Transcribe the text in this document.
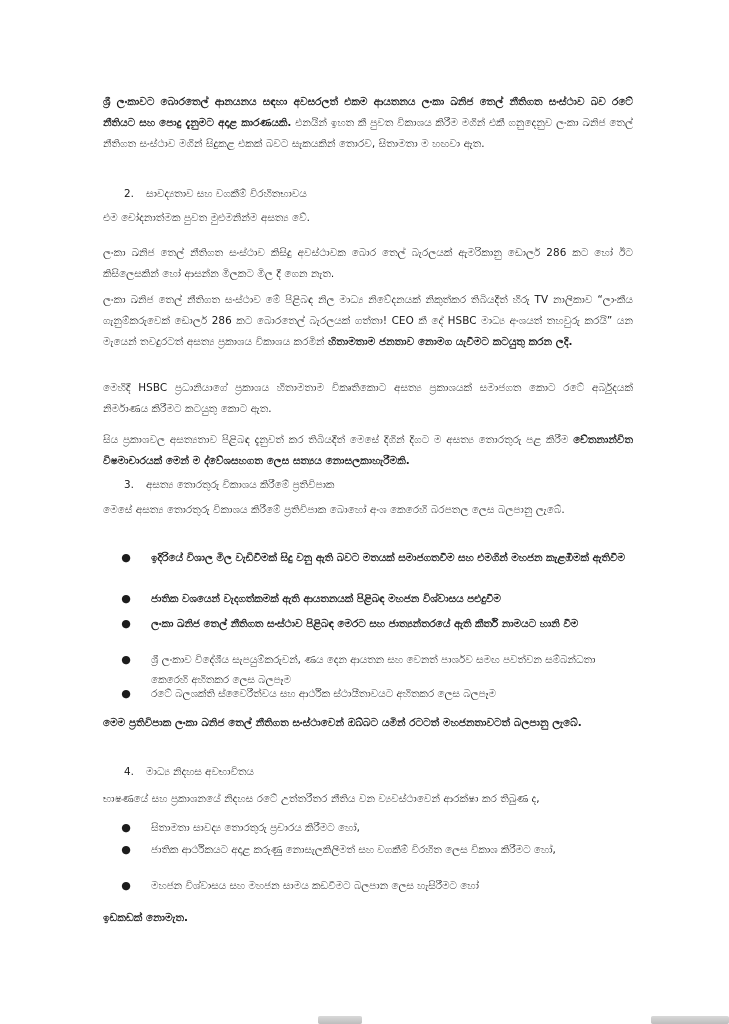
ශ්‍රී ලංකාවට බොරතෙල් ආනයනය සඳහා අවසරලත් එකම ආයතනය ලංකා ඛනිජ තෙල් නීතිගත සංස්ථාව බව රටේ නීතියට සහ පොදු දැනුමට අදාළ කාරණයකි. එනයින් ඉහත කී පුවත විකාශය කිරීම මගින් එකී ගනුදෙනුව ලංකා ඛනිජ තෙල් නීතිගත සංස්ථාව මගින් සිදුකළ එකක් බවට සැකයකින් තොරව, සිතාමතා ම හඟවා ඇත.
2. සාවද්‍යතාව සහ වගකීම් විරහිතභාවය
එම චෝදනාත්මක පුවත මුළුමනින්ම අසත්‍ය වේ.
ලංකා ඛනිජ තෙල් නීතිගත සංස්ථාව කිසිදු අවස්ථාවක බොර තෙල් බැරලයක් ඇමරිකානු ඩොලර් 286 කට හෝ ඊට කිසිලෙසකින් හෝ ආසන්න මිලකට මිල දී ගෙන නැත.
ලංකා ඛනිජ තෙල් නීතිගත සංස්ථාව මේ පිළිබඳ නිල මාධ්‍ය නිවේදනයක් නිකුත්කර තිබියදීත් හිරු TV නාලිකාව “ලාංකීය ගැනුම්කරුවෙක් ඩොලර් 286 කට බොරතෙල් බැරලයක් ගත්තා! CEO කී දේ HSBC මාධ්‍ය අංශයත් තහවුරු කරයි” යන මැයෙන් තවදුරටත් අසත්‍ය ප්‍රකාශය විකාශය කරමින් හිතාමතාම ජනතාව නොමග යැවීමට කටයුතු කරන ලදි.
මෙහිදී HSBC ප්‍රධානියාගේ ප්‍රකාශය හිතාමතාම විකෘතිකොට අසත්‍ය ප්‍රකාශයක් සමාජගත කොට රටේ අර්බුදයක් නිර්මාණය කිරීමට කටයුතු කොට ඇත.
සිය ප්‍රකාශවල අසත්‍යතාව පිළිබඳ දැනුවත් කර තිබියදීත් මෙසේ දිගින් දිගට ම අසත්‍ය තොරතුරු පළ කිරීම චේතනාන්විත විෂමාචාරයක් මෙන් ම ද්වේශසහගත ලෙස සත්‍යය නොසලකාහැරීමකි.
3. අසත්‍ය තොරතුරු විකාශය කිරීමේ ප්‍රතිවිපාක
මෙසේ අසත්‍ය තොරතුරු විකාශය කිරීමේ ප්‍රතිවිපාක බොහෝ අංශ කෙරෙහි බරපතල ලෙස බලපානු ලැබේ.
● ඉදිරියේ විශාල මිල වැඩිවීමක් සිදු වනු ඇති බවට මතයක් සමාජගතවීම සහ එමගින් මහජන කැළඹීමක් ඇතිවීම
● ජාතික වශයෙන් වැදගත්කමක් ඇති ආයතනයක් පිළිබඳ මහජන විශ්වාසය පළුදුවීම
● ලංකා ඛනිජ තෙල් නීතිගත සංස්ථාව පිළිබඳ මෙරට සහ ජාත්‍යන්තරයේ ඇති කීර්ති නාමයට හානි වීම
● ශ්‍රී ලංකාව විදේශීය සැපයුම්කරුවන්, ණය දෙන ආයතන සහ වෙනත් පාර්ශව සමඟ පවත්වන සම්බන්ධතා කෙරෙහි අහිතකර ලෙස බලපෑම
● රටේ බලශක්ති ස්වෛරීත්වය සහ ආර්ථික ස්ථායීතාවයට අහිතකර ලෙස බලපෑම
මෙම ප්‍රතිවිපාක ලංකා ඛනිජ තෙල් නීතිගත සංස්ථාවෙන් ඔබ්බට යමින් රටටත් මහජනතාවටත් බලපානු ලැබේ.
4. මාධ්‍ය නිදහස අවභාවිතය
භාෂණයේ සහ ප්‍රකාශනයේ නිදහස රටේ උත්තරීතර නීතිය වන ව්‍යවස්ථාවෙන් ආරක්ෂා කර තිබුණ ද,
● සිතාමතා සාවද්‍ය තොරතුරු ප්‍රචාරය කිරීමට හෝ,
● ජාතික ආර්ථිකයට අදාළ කරුණු නොසැලකිලිමත් සහ වගකීම් විරහිත ලෙස විකාශ කිරීමට හෝ,
● මහජන විශ්වාසය සහ මහජන සාමය කඩවීමට බලපාන ලෙස හැසිරීමට හෝ
ඉඩකඩක් නොමැත.
